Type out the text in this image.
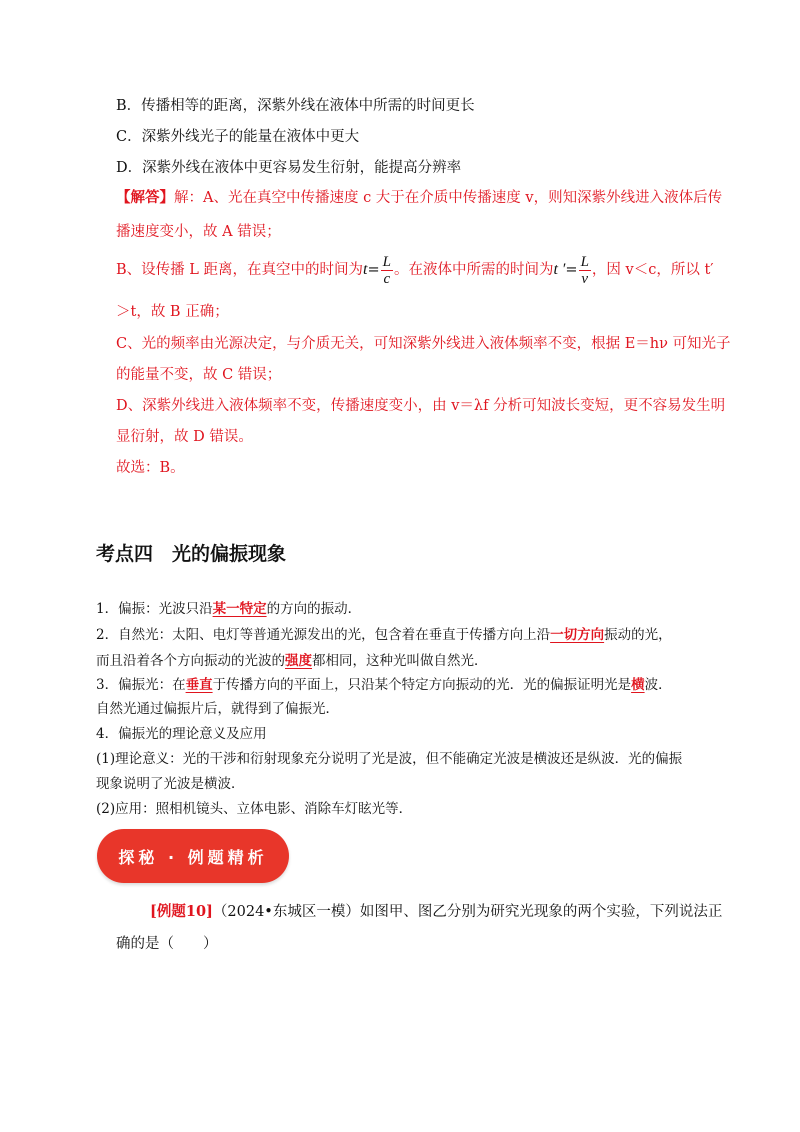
B．传播相等的距离，深紫外线在液体中所需的时间更长
C．深紫外线光子的能量在液体中更大
D．深紫外线在液体中更容易发生衍射，能提高分辨率
【解答】解：A、光在真空中传播速度 c 大于在介质中传播速度 v，则知深紫外线进入液体后传
播速度变小，故 A 错误；
B、设传播 L 距离，在真空中的时间为$t= \frac{L}{c}$ 。在液体中所需的时间为t ′= $\frac{L}{v}$ ，因 v＜c，所以 t′
＞t，故 B 正确；
C、光的频率由光源决定，与介质无关，可知深紫外线进入液体频率不变，根据 E＝hν 可知光子
的能量不变，故 C 错误；
D、深紫外线进入液体频率不变，传播速度变小，由 v＝λf 分析可知波长变短，更不容易发生明
显衍射，故 D 错误。
故选：B。
考点四　光的偏振现象
1．偏振：光波只沿某一特定的方向的振动．
2．自然光：太阳、电灯等普通光源发出的光，包含着在垂直于传播方向上沿一切方向振动的光，
而且沿着各个方向振动的光波的强度都相同，这种光叫做自然光．
3．偏振光：在垂直于传播方向的平面上，只沿某个特定方向振动的光．光的偏振证明光是横波．
自然光通过偏振片后，就得到了偏振光．
4．偏振光的理论意义及应用
(1)理论意义：光的干涉和衍射现象充分说明了光是波，但不能确定光波是横波还是纵波．光的偏振
现象说明了光波是横波．
(2)应用：照相机镜头、立体电影、消除车灯眩光等．
探秘 · 例题精析
[例题10]（2024•东城区一模）如图甲、图乙分别为研究光现象的两个实验，下列说法正
确的是（　　）
